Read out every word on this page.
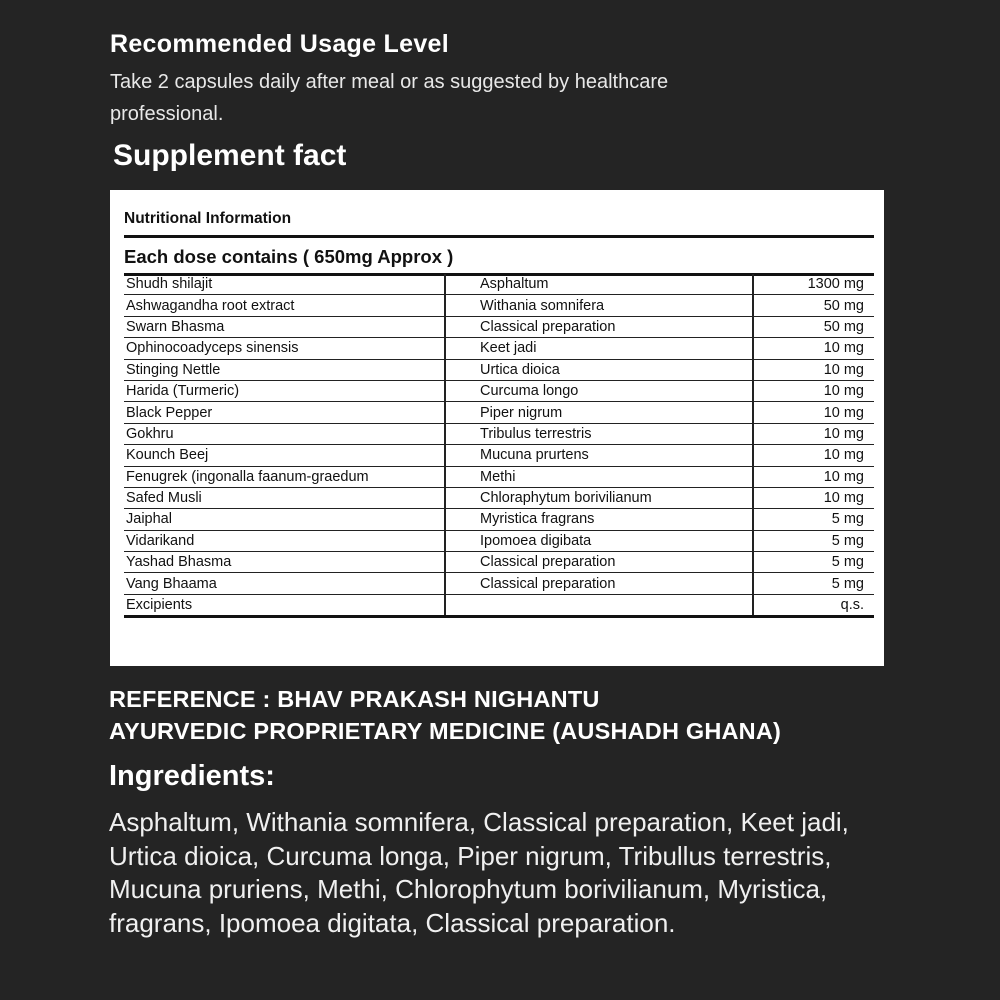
Recommended Usage Level
Take 2 capsules daily after meal or as suggested by healthcare professional.
Supplement fact
Nutritional Information
Each dose contains ( 650mg Approx )
Shudh shilajit	Asphaltum	1300 mg
Ashwagandha root extract	Withania somnifera	50 mg
Swarn Bhasma	Classical preparation	50 mg
Ophinocoadyceps sinensis	Keet jadi	10 mg
Stinging Nettle	Urtica dioica	10 mg
Harida (Turmeric)	Curcuma longo	10 mg
Black Pepper	Piper nigrum	10 mg
Gokhru	Tribulus terrestris	10 mg
Kounch Beej	Mucuna prurtens	10 mg
Fenugrek (ingonalla faanum-graedum	Methi	10 mg
Safed Musli	Chloraphytum borivilianum	10 mg
Jaiphal	Myristica fragrans	5 mg
Vidarikand	Ipomoea digibata	5 mg
Yashad Bhasma	Classical preparation	5 mg
Vang Bhaama	Classical preparation	5 mg
Excipients		q.s.
REFERENCE : BHAV PRAKASH NIGHANTU
AYURVEDIC PROPRIETARY MEDICINE (AUSHADH GHANA)
Ingredients:
Asphaltum, Withania somnifera, Classical preparation, Keet jadi, Urtica dioica, Curcuma longa, Piper nigrum, Tribullus terrestris, Mucuna pruriens, Methi, Chlorophytum borivilianum, Myristica, fragrans, Ipomoea digitata, Classical preparation.
